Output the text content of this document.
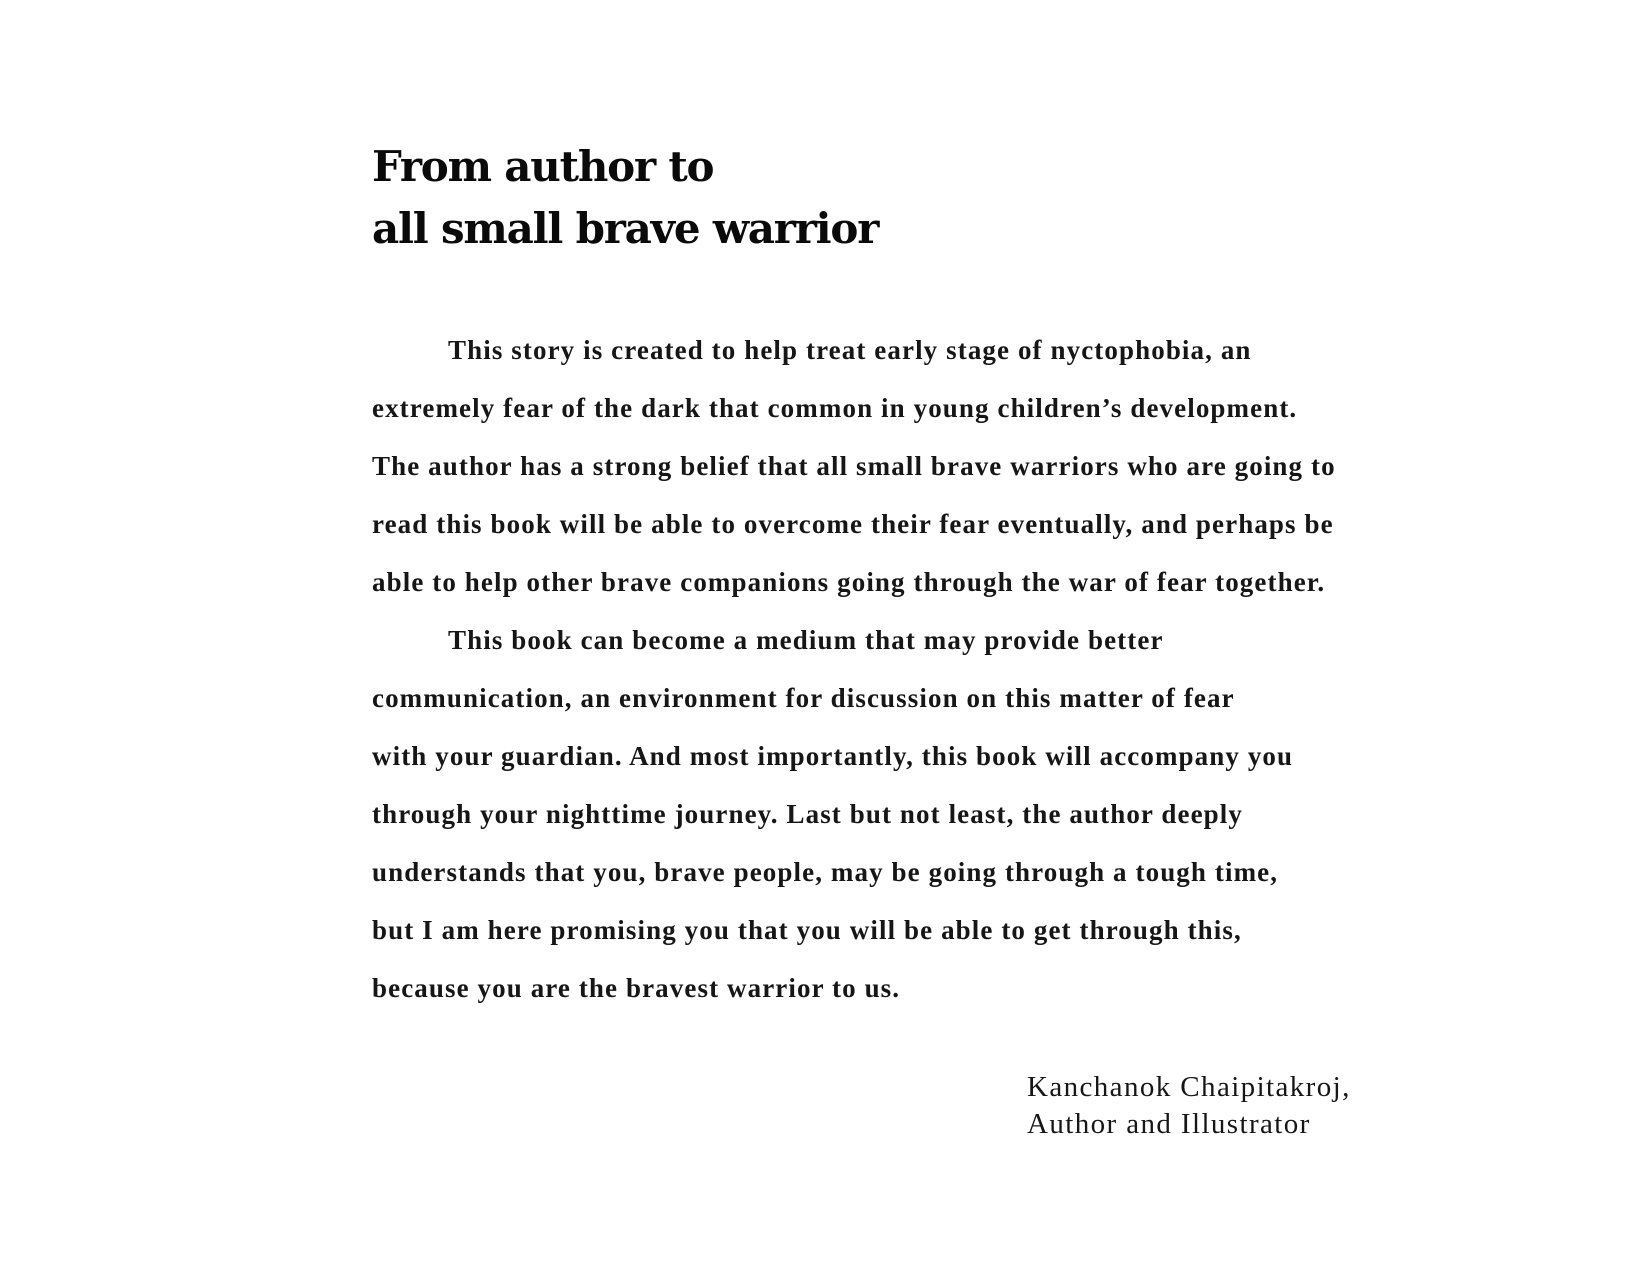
From author to
all small brave warrior
This story is created to help treat early stage of nyctophobia, an
extremely fear of the dark that common in young children’s development.
The author has a strong belief that all small brave warriors who are going to
read this book will be able to overcome their fear eventually, and perhaps be
able to help other brave companions going through the war of fear together.
This book can become a medium that may provide better
communication, an environment for discussion on this matter of fear
with your guardian. And most importantly, this book will accompany you
through your nighttime journey. Last but not least, the author deeply
understands that you, brave people, may be going through a tough time,
but I am here promising you that you will be able to get through this,
because you are the bravest warrior to us.
Kanchanok Chaipitakroj,
Author and Illustrator
